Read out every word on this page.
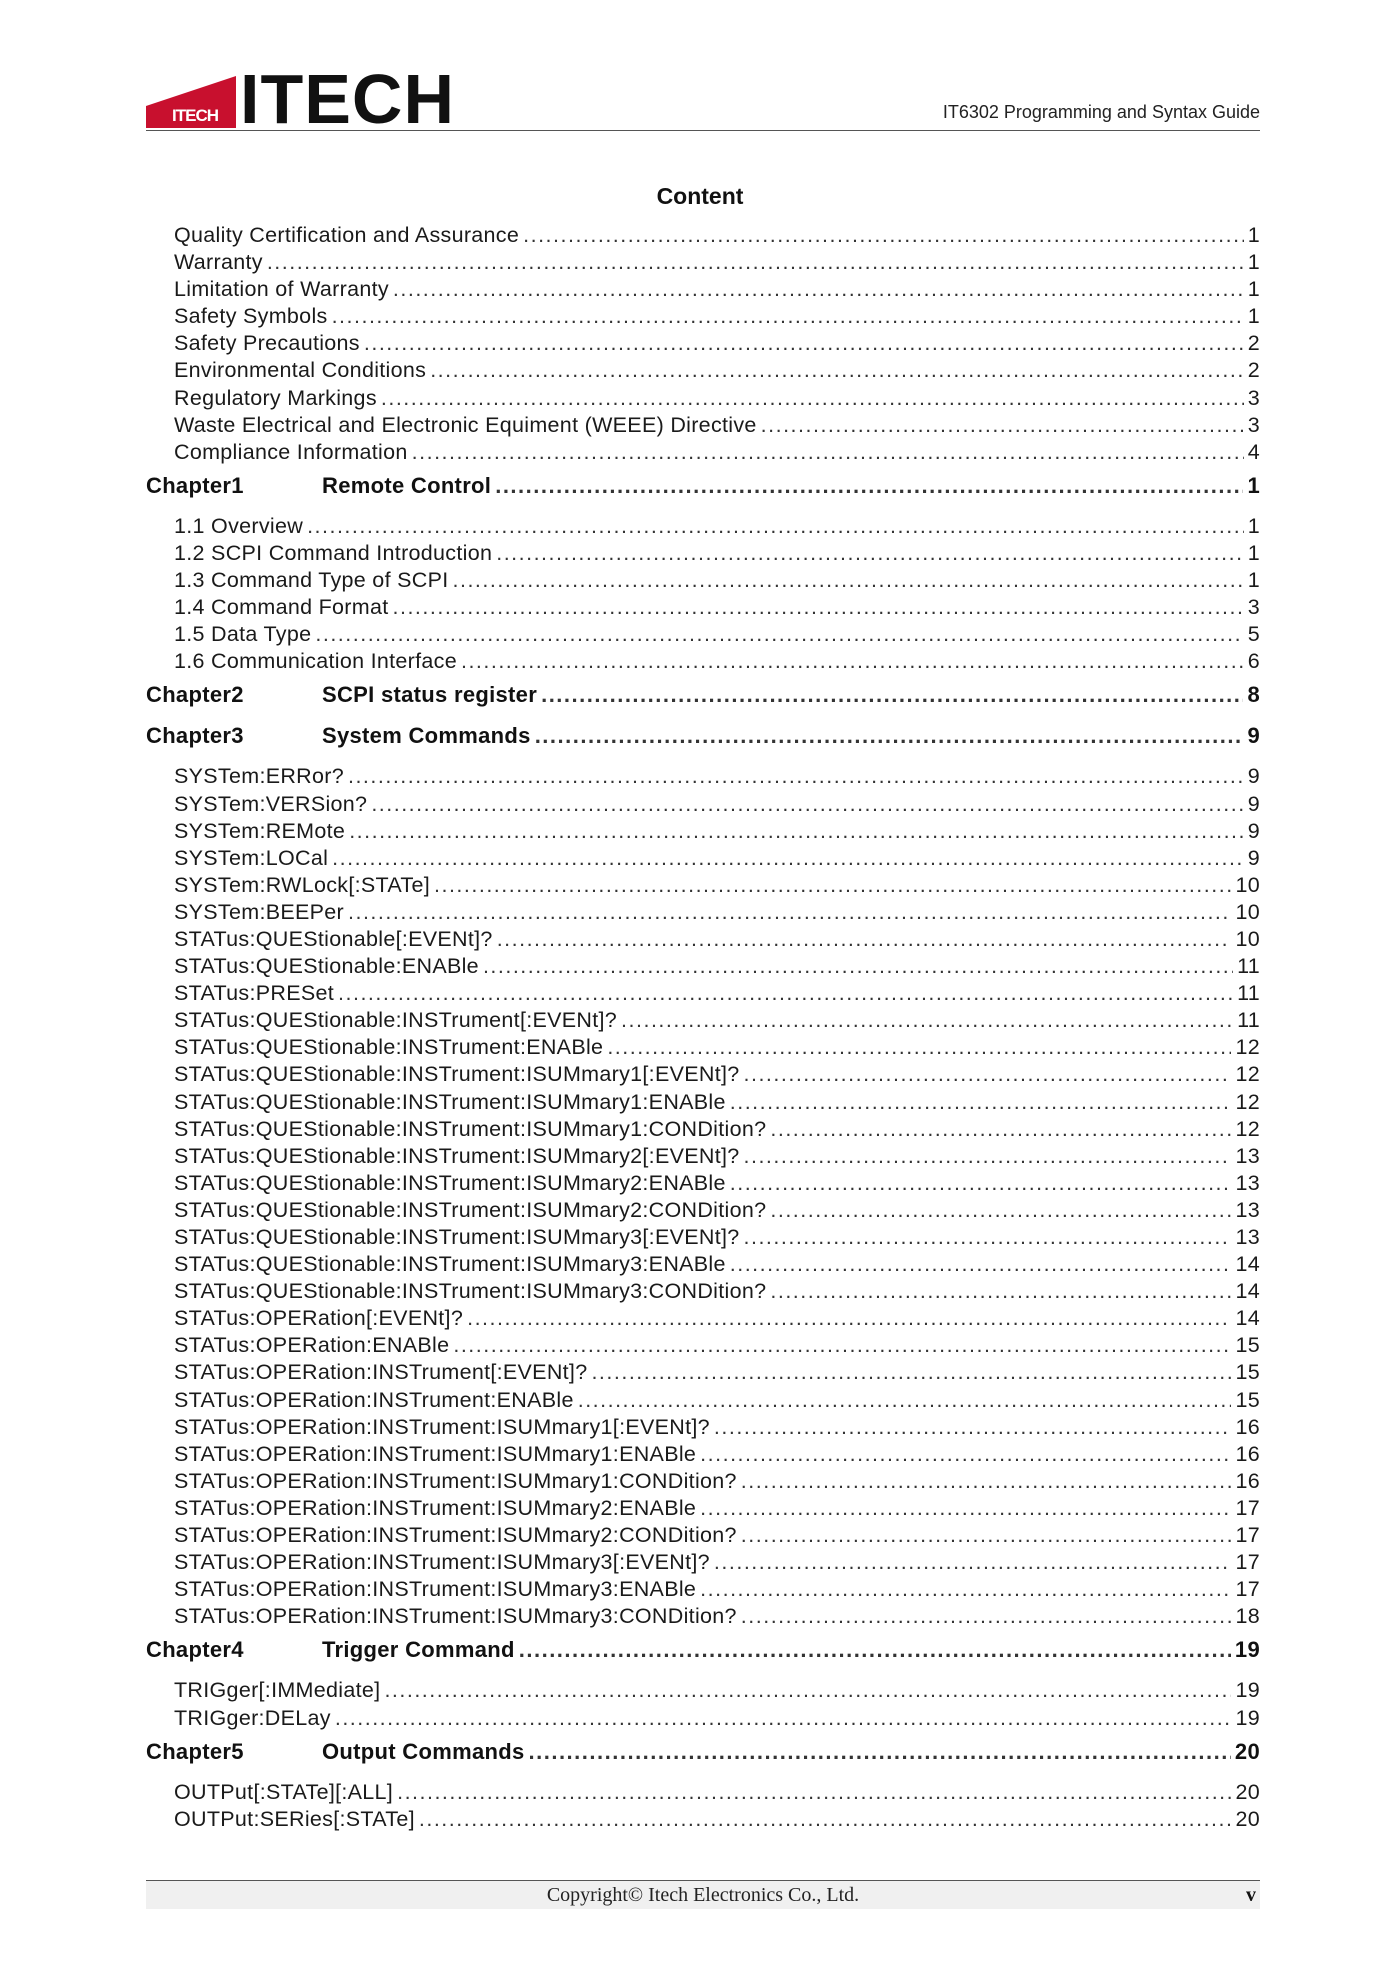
ITECH ITECH	IT6302 Programming and Syntax Guide
Content
Quality Certification and Assurance .....	1
Warranty .....	1
Limitation of Warranty .....	1
Safety Symbols .....	1
Safety Precautions .....	2
Environmental Conditions .....	2
Regulatory Markings .....	3
Waste Electrical and Electronic Equiment (WEEE) Directive .....	3
Compliance Information .....	4
Chapter1	Remote Control .....	1
1.1 Overview .....	1
1.2 SCPI Command Introduction .....	1
1.3 Command Type of SCPI .....	1
1.4 Command Format .....	3
1.5 Data Type .....	5
1.6 Communication Interface .....	6
Chapter2	SCPI status register .....	8
Chapter3	System Commands .....	9
SYSTem:ERRor? .....	9
SYSTem:VERSion? .....	9
SYSTem:REMote .....	9
SYSTem:LOCal .....	9
SYSTem:RWLock[:STATe] .....	10
SYSTem:BEEPer .....	10
STATus:QUEStionable[:EVENt]? .....	10
STATus:QUEStionable:ENABle .....	11
STATus:PRESet .....	11
STATus:QUEStionable:INSTrument[:EVENt]? .....	11
STATus:QUEStionable:INSTrument:ENABle .....	12
STATus:QUEStionable:INSTrument:ISUMmary1[:EVENt]? .....	12
STATus:QUEStionable:INSTrument:ISUMmary1:ENABle .....	12
STATus:QUEStionable:INSTrument:ISUMmary1:CONDition? .....	12
STATus:QUEStionable:INSTrument:ISUMmary2[:EVENt]? .....	13
STATus:QUEStionable:INSTrument:ISUMmary2:ENABle .....	13
STATus:QUEStionable:INSTrument:ISUMmary2:CONDition? .....	13
STATus:QUEStionable:INSTrument:ISUMmary3[:EVENt]? .....	13
STATus:QUEStionable:INSTrument:ISUMmary3:ENABle .....	14
STATus:QUEStionable:INSTrument:ISUMmary3:CONDition? .....	14
STATus:OPERation[:EVENt]? .....	14
STATus:OPERation:ENABle .....	15
STATus:OPERation:INSTrument[:EVENt]? .....	15
STATus:OPERation:INSTrument:ENABle .....	15
STATus:OPERation:INSTrument:ISUMmary1[:EVENt]? .....	16
STATus:OPERation:INSTrument:ISUMmary1:ENABle .....	16
STATus:OPERation:INSTrument:ISUMmary1:CONDition? .....	16
STATus:OPERation:INSTrument:ISUMmary2:ENABle .....	17
STATus:OPERation:INSTrument:ISUMmary2:CONDition? .....	17
STATus:OPERation:INSTrument:ISUMmary3[:EVENt]? .....	17
STATus:OPERation:INSTrument:ISUMmary3:ENABle .....	17
STATus:OPERation:INSTrument:ISUMmary3:CONDition? .....	18
Chapter4	Trigger Command .....	19
TRIGger[:IMMediate] .....	19
TRIGger:DELay .....	19
Chapter5	Output Commands .....	20
OUTPut[:STATe][:ALL] .....	20
OUTPut:SERies[:STATe] .....	20
Copyright© Itech Electronics Co., Ltd.	v
